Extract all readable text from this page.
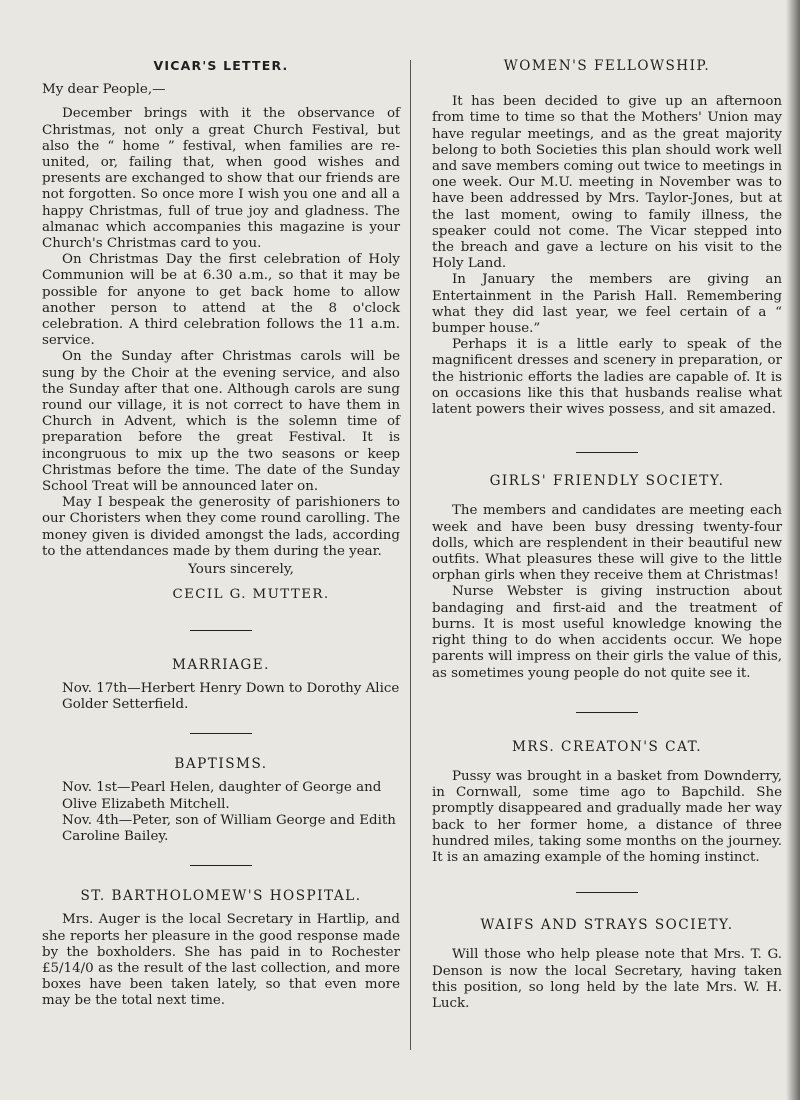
VICAR'S LETTER.

My dear People,—

December brings with it the observance of Christmas, not only a great Church Festival, but also the “ home ” festival, when families are re-united, or, failing that, when good wishes and presents are exchanged to show that our friends are not forgotten. So once more I wish you one and all a happy Christmas, full of true joy and gladness. The almanac which accompanies this magazine is your Church's Christmas card to you.

On Christmas Day the first celebration of Holy Communion will be at 6.30 a.m., so that it may be possible for anyone to get back home to allow another person to attend at the 8 o'clock celebration. A third celebration follows the 11 a.m. service.

On the Sunday after Christmas carols will be sung by the Choir at the evening service, and also the Sunday after that one. Although carols are sung round our village, it is not correct to have them in Church in Advent, which is the solemn time of preparation before the great Festival. It is incongruous to mix up the two seasons or keep Christmas before the time. The date of the Sunday School Treat will be announced later on.

May I bespeak the generosity of parishioners to our Choristers when they come round carolling. The money given is divided amongst the lads, according to the attendances made by them during the year.

Yours sincerely,
CECIL G. MUTTER.
MARRIAGE.

Nov. 17th—Herbert Henry Down to Dorothy Alice

Golder Setterfield.

BAPTISMS.

Nov. 1st—Pearl Helen, daughter of George and

Olive Elizabeth Mitchell.

Nov. 4th—Peter, son of William George and Edith

Caroline Bailey.

ST. BARTHOLOMEW'S HOSPITAL.

Mrs. Auger is the local Secretary in Hartlip, and she reports her pleasure in the good response made by the boxholders. She has paid in to Rochester £5/14/0 as the result of the last collection, and more boxes have been taken lately, so that even more may be the total next time.

WOMEN'S FELLOWSHIP.

It has been decided to give up an afternoon from time to time so that the Mothers' Union may have regular meetings, and as the great majority belong to both Societies this plan should work well and save members coming out twice to meetings in one week. Our M.U. meeting in November was to have been addressed by Mrs. Taylor-Jones, but at the last moment, owing to family illness, the speaker could not come. The Vicar stepped into the breach and gave a lecture on his visit to the Holy Land.

In January the members are giving an Entertainment in the Parish Hall. Remembering what they did last year, we feel certain of a “ bumper house.”

Perhaps it is a little early to speak of the magnificent dresses and scenery in preparation, or the histrionic efforts the ladies are capable of. It is on occasions like this that husbands realise what latent powers their wives possess, and sit amazed.

GIRLS' FRIENDLY SOCIETY.

The members and candidates are meeting each week and have been busy dressing twenty-four dolls, which are resplendent in their beautiful new outfits. What pleasures these will give to the little orphan girls when they receive them at Christmas!

Nurse Webster is giving instruction about bandaging and first-aid and the treatment of burns. It is most useful knowledge knowing the right thing to do when accidents occur. We hope parents will impress on their girls the value of this, as sometimes young people do not quite see it.

MRS. CREATON'S CAT.

Pussy was brought in a basket from Downderry, in Cornwall, some time ago to Bapchild. She promptly disappeared and gradually made her way back to her former home, a distance of three hundred miles, taking some months on the journey. It is an amazing example of the homing instinct.

WAIFS AND STRAYS SOCIETY.

Will those who help please note that Mrs. T. G. Denson is now the local Secretary, having taken this position, so long held by the late Mrs. W. H. Luck.
